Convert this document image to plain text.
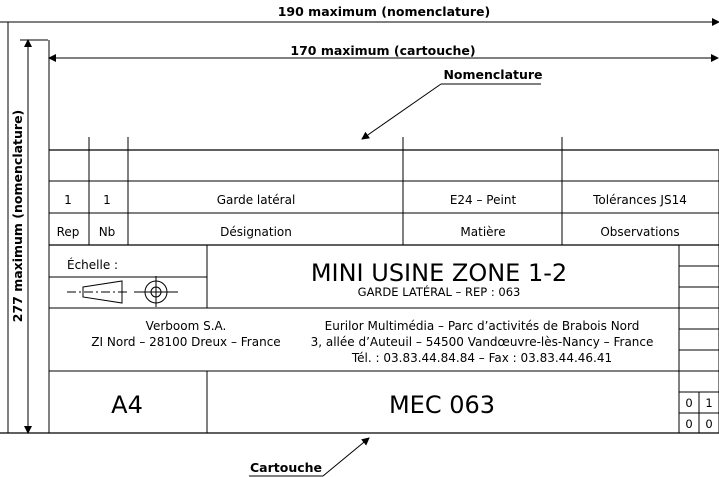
190 maximum (nomenclature)
170 maximum (cartouche)
277 maximum (nomenclature)
Nomenclature
1	1	Garde latéral	E24 – Peint	Tolérances JS14
Rep Nb	Désignation	Matière	Observations
Échelle :	MINI USINE ZONE 1-2
GARDE LATÉRAL – REP : 063
Verboom S.A.
ZI Nord – 28100 Dreux – France
Eurilor Multimédia – Parc d’activités de Brabois Nord
3, allée d’Auteuil – 54500 Vandœuvre-lès-Nancy – France
Tél. : 03.83.44.84.84 – Fax : 03.83.44.46.41
A4	MEC 063	0 1
0 0
Cartouche
